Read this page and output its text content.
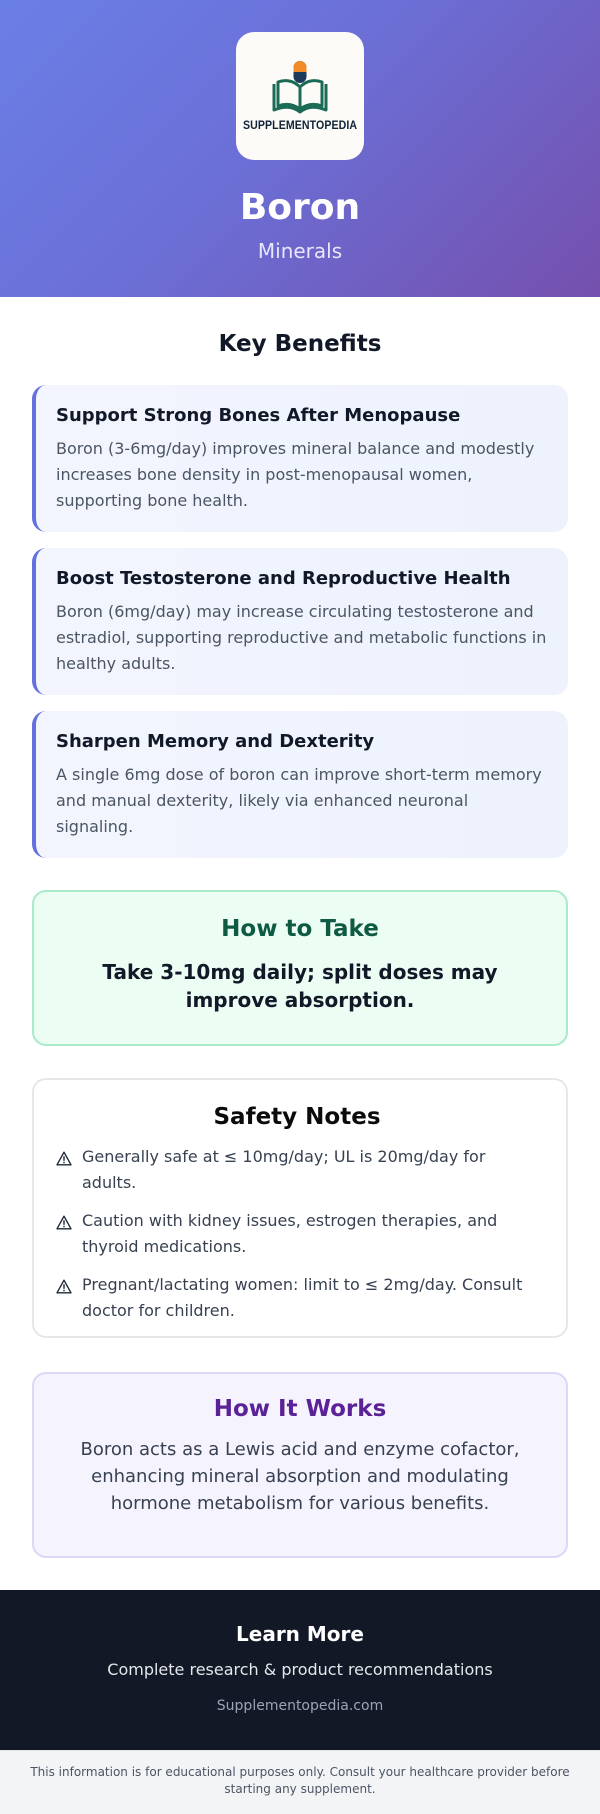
SUPPLEMENTOPEDIA
Boron
Minerals
Key Benefits
Support Strong Bones After Menopause

Boron (3-6mg/day) improves mineral balance and modestly increases bone density in post-menopausal women, supporting bone health.

Boost Testosterone and Reproductive Health

Boron (6mg/day) may increase circulating testosterone and estradiol, supporting reproductive and metabolic functions in healthy adults.

Sharpen Memory and Dexterity

A single 6mg dose of boron can improve short-term memory and manual dexterity, likely via enhanced neuronal signaling.

How to Take

Take 3-10mg daily; split doses may improve absorption.

Safety Notes
Generally safe at ≤ 10mg/day; UL is 20mg/day for adults.
Caution with kidney issues, estrogen therapies, and thyroid medications.
Pregnant/lactating women: limit to ≤ 2mg/day. Consult doctor for children.
How It Works

Boron acts as a Lewis acid and enzyme cofactor, enhancing mineral absorption and modulating hormone metabolism for various benefits.

Learn More

Complete research & product recommendations

Supplementopedia.com
This information is for educational purposes only. Consult your healthcare provider before starting any supplement.
